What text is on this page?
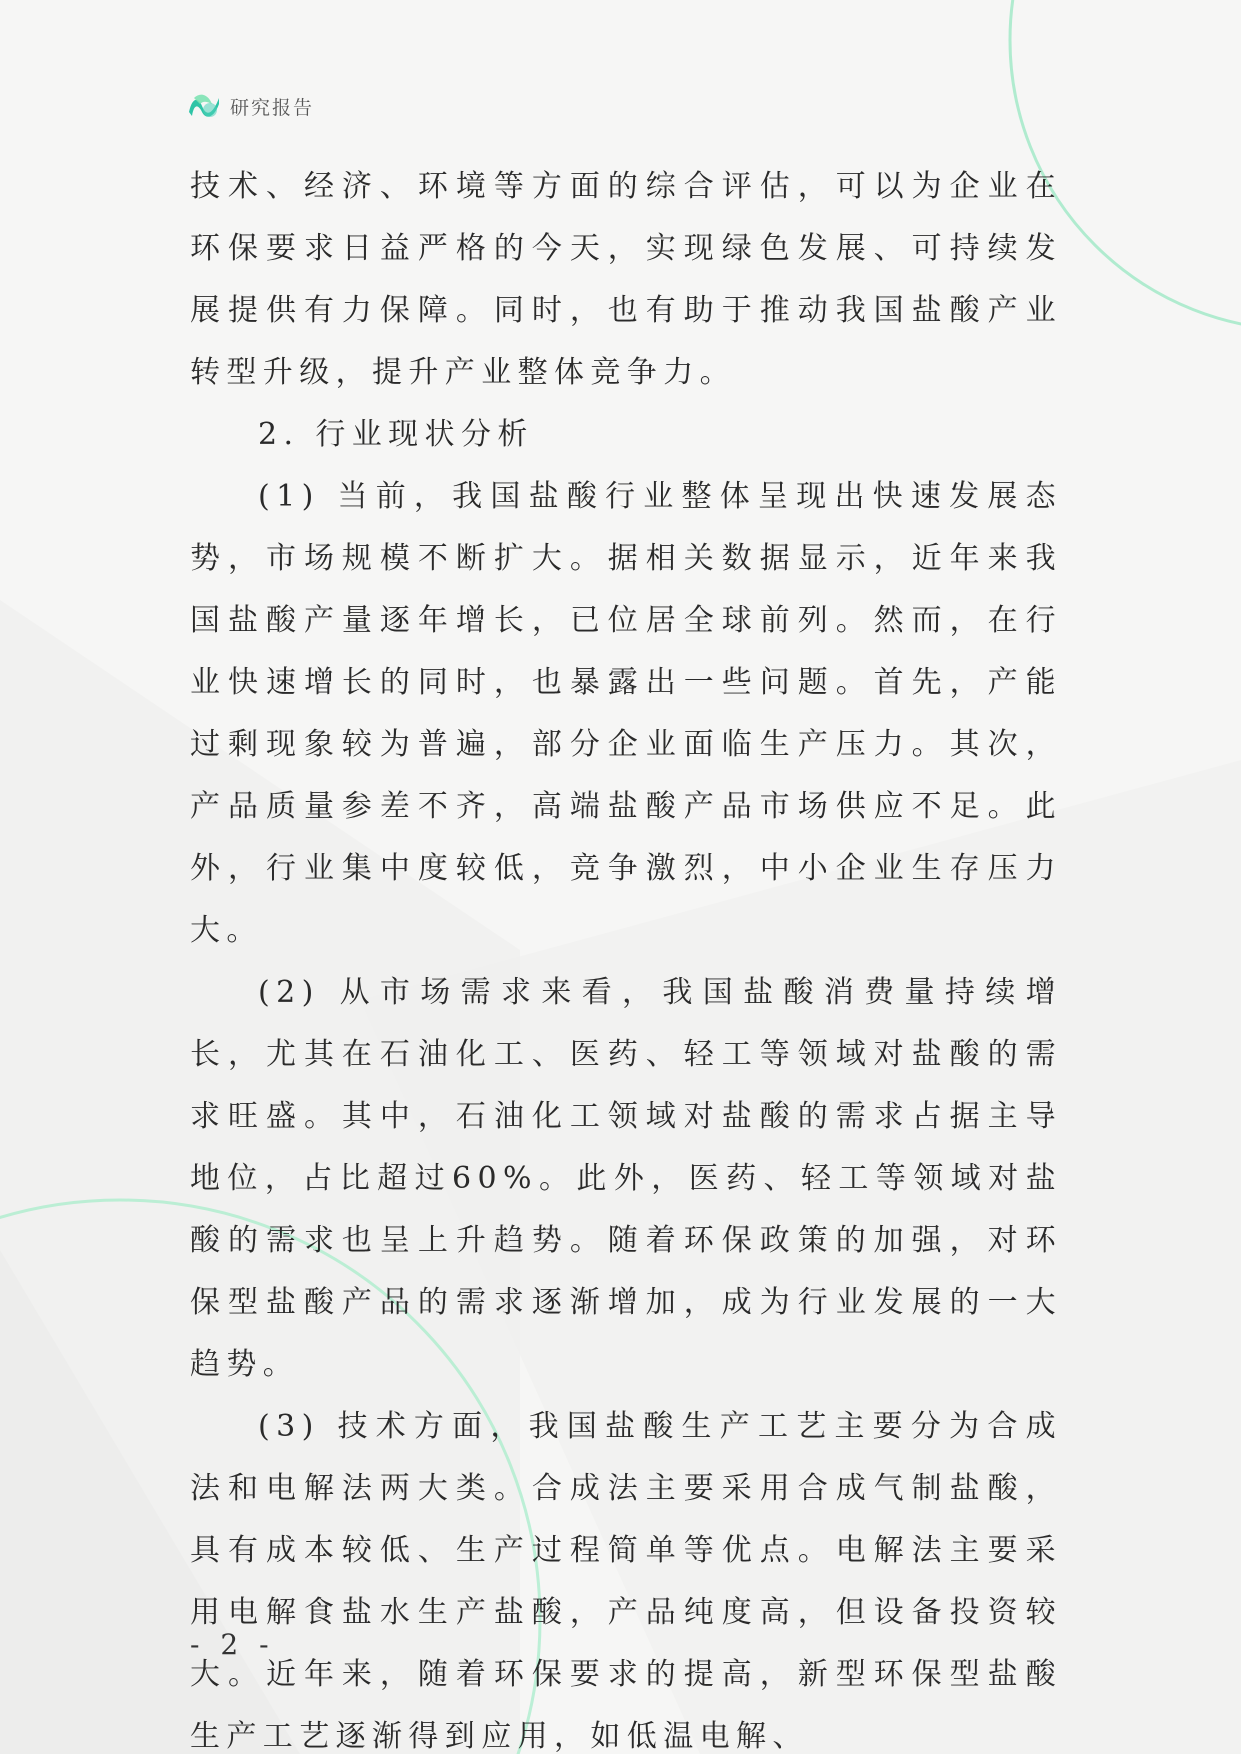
研究报告

技术、经济、环境等方面的综合评估，可以为企业在环保要求日益严格的今天，实现绿色发展、可持续发展提供有力保障。同时，也有助于推动我国盐酸产业转型升级，提升产业整体竞争力。

2. 行业现状分析

(1) 当前，我国盐酸行业整体呈现出快速发展态势，市场规模不断扩大。据相关数据显示，近年来我国盐酸产量逐年增长，已位居全球前列。然而，在行业快速增长的同时，也暴露出一些问题。首先，产能过剩现象较为普遍，部分企业面临生产压力。其次，产品质量参差不齐，高端盐酸产品市场供应不足。此外，行业集中度较低，竞争激烈，中小企业生存压力大。

(2) 从市场需求来看，我国盐酸消费量持续增长，尤其在石油化工、医药、轻工等领域对盐酸的需求旺盛。其中，石油化工领域对盐酸的需求占据主导地位，占比超过60%。此外，医药、轻工等领域对盐酸的需求也呈上升趋势。随着环保政策的加强，对环保型盐酸产品的需求逐渐增加，成为行业发展的一大趋势。

(3) 技术方面，我国盐酸生产工艺主要分为合成法和电解法两大类。合成法主要采用合成气制盐酸，具有成本较低、生产过程简单等优点。电解法主要采用电解食盐水生产盐酸，产品纯度高，但设备投资较大。近年来，随着环保要求的提高，新型环保型盐酸生产工艺逐渐得到应用，如低温电解、

- 2 -
